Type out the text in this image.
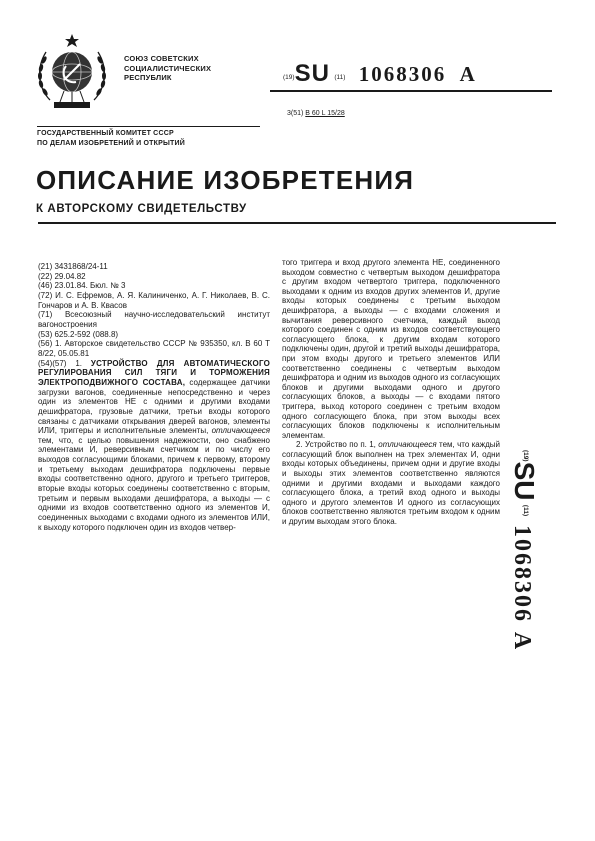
СОЮЗ СОВЕТСКИХ
СОЦИАЛИСТИЧЕСКИХ
РЕСПУБЛИК	(19)SU (11) 1068306 A
3(51) В 60 L 15/28
ГОСУДАРСТВЕННЫЙ КОМИТЕТ СССР
ПО ДЕЛАМ ИЗОБРЕТЕНИЙ И ОТКРЫТИЙ
ОПИСАНИЕ ИЗОБРЕТЕНИЯ
К АВТОРСКОМУ СВИДЕТЕЛЬСТВУ
(21) 3431868/24-11
(22) 29.04.82
(46) 23.01.84. Бюл. № 3
(72) И. С. Ефремов, А. Я. Калиниченко, А. Г. Николаев, В. С. Гончаров и А. В. Квасов
(71) Всесоюзный научно-исследовательский институт вагоностроения
(53) 625.2-592 (088.8)
(56) 1. Авторское свидетельство СССР № 935350, кл. В 60 Т 8/22, 05.05.81

(54)(57) 1. УСТРОЙСТВО ДЛЯ АВТОМАТИЧЕСКОГО РЕГУЛИРОВАНИЯ СИЛ ТЯГИ И ТОРМОЖЕНИЯ ЭЛЕКТРОПОДВИЖНОГО СОСТАВА, содержащее датчики загрузки вагонов, соединенные непосредственно и через один из элементов НЕ с одними и другими входами дешифратора, грузовые датчики, третьи входы которого связаны с датчиками открывания дверей вагонов, элементы ИЛИ, триггеры и исполнительные элементы, отличающееся тем, что, с целью повышения надежности, оно снабжено элементами И, реверсивным счетчиком и по числу его выходов согласующими блоками, причем к первому, второму и третьему выходам дешифратора подключены первые входы соответственно одного, другого и третьего триггеров, вторые входы которых соединены соответственно с вторым, третьим и первым выходами дешифратора, а выходы — с одними из входов соответственно одного из элементов И, соединенных выходами с входами одного из элементов ИЛИ, к выходу которого подключен один из входов четвер-

того триггера и вход другого элемента НЕ, соединенного выходом совместно с четвертым выходом дешифратора с другим входом четвертого триггера, подключенного выходами к одним из входов других элементов И, другие входы которых соединены с третьим выходом дешифратора, а выходы — с входами сложения и вычитания реверсивного счетчика, каждый выход которого соединен с одним из входов соответствующего согласующего блока, к другим входам которого подключены один, другой и третий выходы дешифратора, при этом входы другого и третьего элементов ИЛИ соответственно соединены с четвертым выходом дешифратора и одним из выходов одного из согласующих блоков и другими выходами одного и другого согласующих блоков, а выходы — с входами пятого триггера, выход которого соединен с третьим входом одного согласующего блока, при этом выходы всех согласующих блоков подключены к исполнительным элементам.

2. Устройство по п. 1, отличающееся тем, что каждый согласующий блок выполнен на трех элементах И, одни входы которых объединены, причем одни и другие входы и выходы этих элементов соответственно являются одними и другими входами и выходами каждого согласующего блока, а третий вход одного и выходы одного и другого элементов И одного из согласующих блоков соответственно являются третьим входом к одним и другим выходам этого блока.

$^{(19)}$SU $^{(11)}$  1068306  A
